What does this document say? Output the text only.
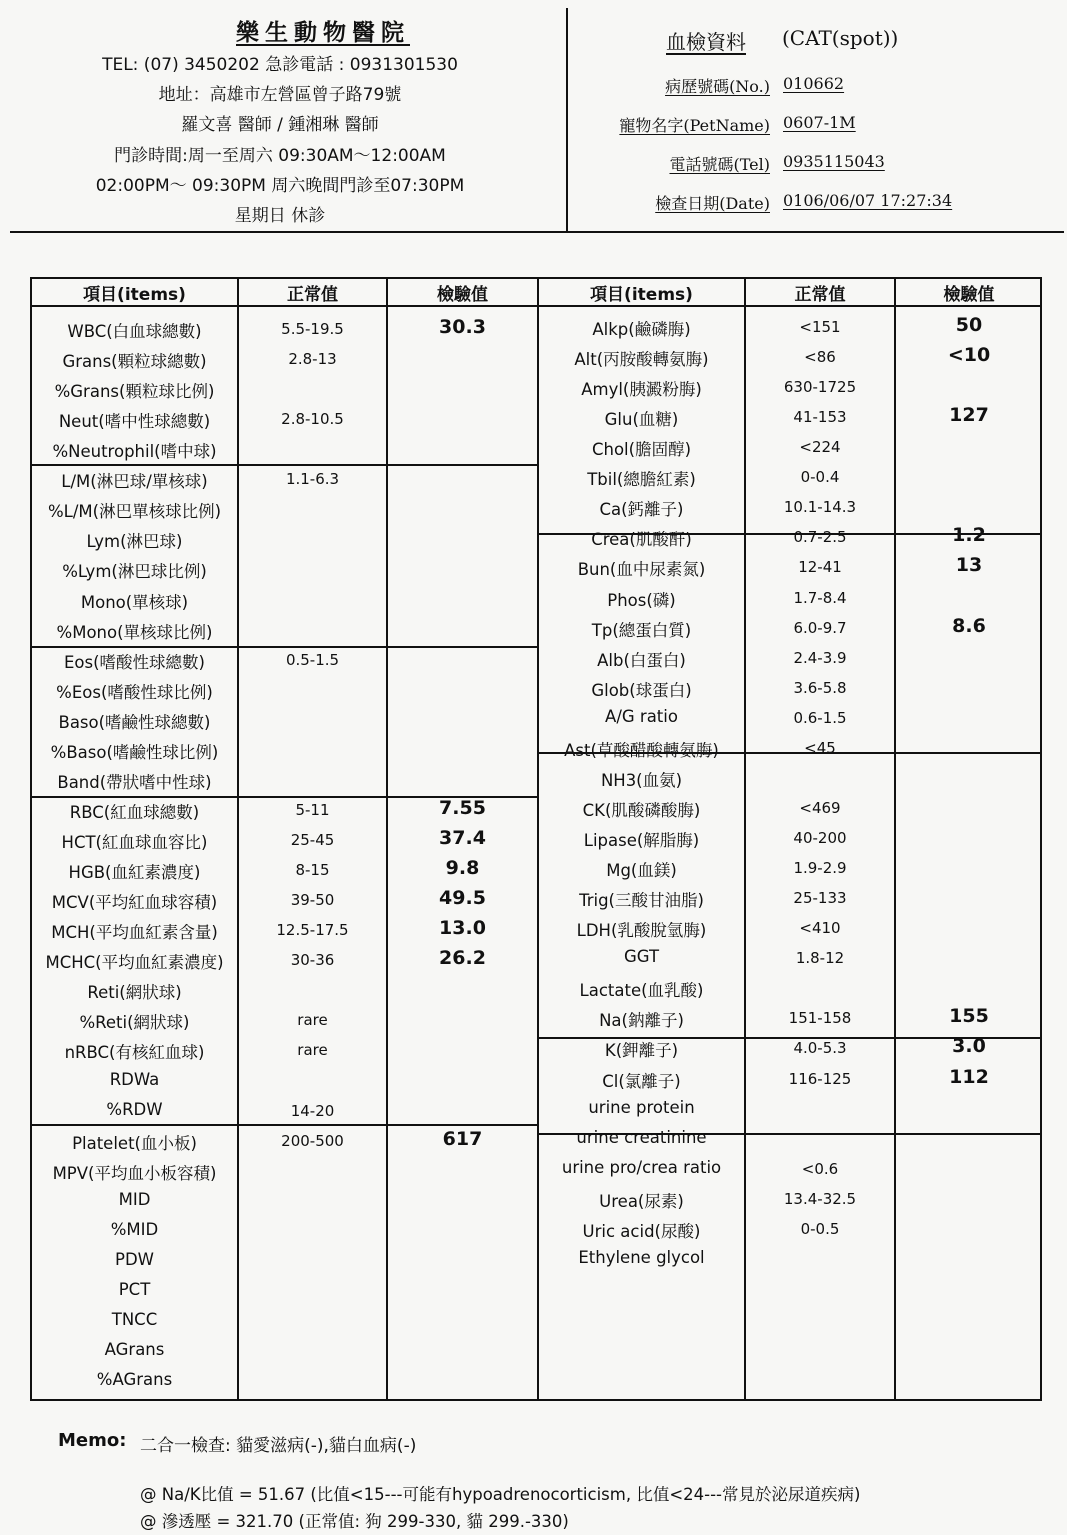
樂生動物醫院
TEL: (07) 3450202 急診電話 : 0931301530
地址：高雄市左營區曾子路79號
羅文喜 醫師 / 鍾湘琳 醫師
門診時間:周一至周六 09:30AM～12:00AM
02:00PM～ 09:30PM 周六晚間門診至07:30PM
星期日 休診
血檢資料 (CAT(spot))
病歷號碼(No.) 010662
寵物名字(PetName) 0607-1M
電話號碼(Tel) 0935115043
檢查日期(Date) 0106/06/07 17:27:34
項目(items)	正常值	檢驗值	項目(items)	正常值	檢驗值
WBC(白血球總數)	5.5-19.5	30.3
Grans(顆粒球總數)	2.8-13
%Grans(顆粒球比例)
Neut(嗜中性球總數)	2.8-10.5
%Neutrophil(嗜中球)
L/M(淋巴球/單核球)	1.1-6.3
%L/M(淋巴單核球比例)
Lym(淋巴球)
%Lym(淋巴球比例)
Mono(單核球)
%Mono(單核球比例)
Eos(嗜酸性球總數)	0.5-1.5
%Eos(嗜酸性球比例)
Baso(嗜鹼性球總數)
%Baso(嗜鹼性球比例)
Band(帶狀嗜中性球)
RBC(紅血球總數)	5-11	7.55
HCT(紅血球血容比)	25-45	37.4
HGB(血紅素濃度)	8-15	9.8
MCV(平均紅血球容積)	39-50	49.5
MCH(平均血紅素含量)	12.5-17.5	13.0
MCHC(平均血紅素濃度)	30-36	26.2
Reti(網狀球)
%Reti(網狀球)	rare
nRBC(有核紅血球)	rare
RDWa
%RDW	14-20
Platelet(血小板)	200-500	617
MPV(平均血小板容積)
MID
%MID
PDW
PCT
TNCC
AGrans
%AGrans
Alkp(鹼磷脢)	<151	50
Alt(丙胺酸轉氨脢)	<86	<10
Amyl(胰澱粉脢)	630-1725
Glu(血糖)	41-153	127
Chol(膽固醇)	<224
Tbil(總膽紅素)	0-0.4
Ca(鈣離子)	10.1-14.3
Crea(肌酸酐)	0.7-2.5	1.2
Bun(血中尿素氮)	12-41	13
Phos(磷)	1.7-8.4
Tp(總蛋白質)	6.0-9.7	8.6
Alb(白蛋白)	2.4-3.9
Glob(球蛋白)	3.6-5.8
A/G ratio	0.6-1.5
Ast(草酸醋酸轉氨脢)	<45
NH3(血氨)
CK(肌酸磷酸脢)	<469
Lipase(解脂脢)	40-200
Mg(血鎂)	1.9-2.9
Trig(三酸甘油脂)	25-133
LDH(乳酸脫氫脢)	<410
GGT	1.8-12
Lactate(血乳酸)
Na(鈉離子)	151-158	155
K(鉀離子)	4.0-5.3	3.0
Cl(氯離子)	116-125	112
urine protein
urine creatinine
urine pro/crea ratio	<0.6
Urea(尿素)	13.4-32.5
Uric acid(尿酸)	0-0.5
Ethylene glycol
Memo: 二合一檢查: 貓愛滋病(-),貓白血病(-)
@ Na/K比值 = 51.67 (比值<15---可能有hypoadrenocorticism, 比值<24---常見於泌尿道疾病)
@ 滲透壓 = 321.70 (正常值: 狗 299-330, 貓 299.-330)
